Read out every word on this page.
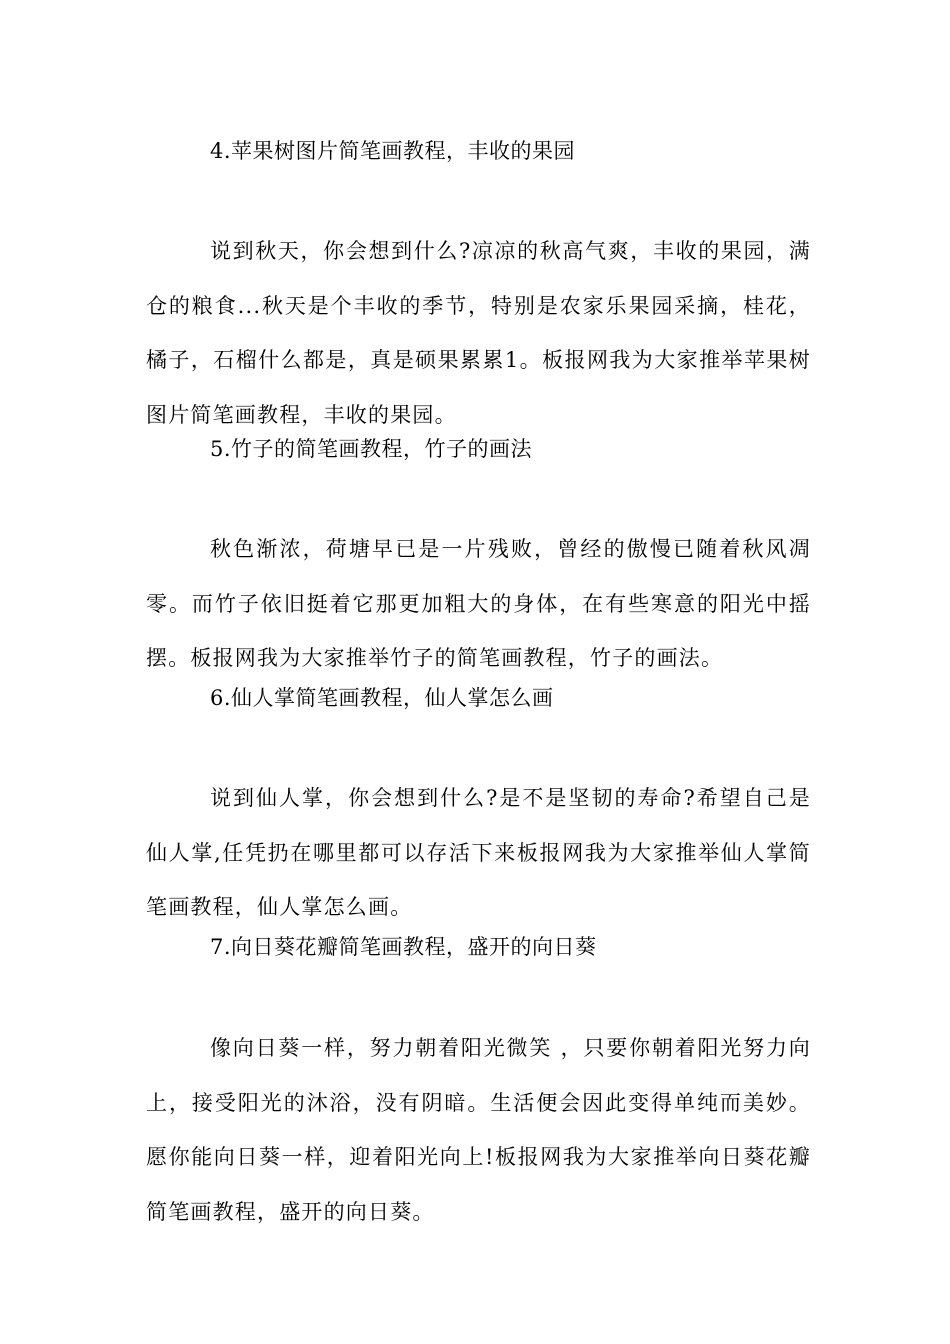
4.苹果树图片简笔画教程，丰收的果园
说到秋天，你会想到什么?凉凉的秋高气爽，丰收的果园，满仓的粮食...秋天是个丰收的季节，特别是农家乐果园采摘，桂花，橘子，石榴什么都是，真是硕果累累1。板报网我为大家推举苹果树图片简笔画教程，丰收的果园。
5.竹子的简笔画教程，竹子的画法
秋色渐浓，荷塘早已是一片残败，曾经的傲慢已随着秋风凋零。而竹子依旧挺着它那更加粗大的身体，在有些寒意的阳光中摇摆。板报网我为大家推举竹子的简笔画教程，竹子的画法。
6.仙人掌简笔画教程，仙人掌怎么画
说到仙人掌，你会想到什么?是不是坚韧的寿命?希望自己是仙人掌,任凭扔在哪里都可以存活下来板报网我为大家推举仙人掌简笔画教程，仙人掌怎么画。
7.向日葵花瓣简笔画教程，盛开的向日葵
像向日葵一样，努力朝着阳光微笑 ，只要你朝着阳光努力向上，接受阳光的沐浴，没有阴暗。生活便会因此变得单纯而美妙。愿你能向日葵一样，迎着阳光向上!板报网我为大家推举向日葵花瓣简笔画教程，盛开的向日葵。
